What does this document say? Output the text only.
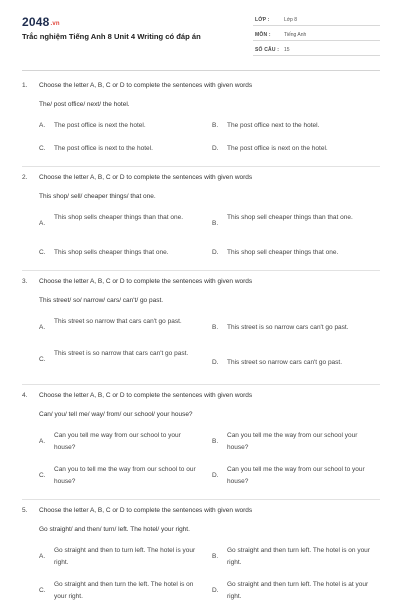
2048.vn
Trắc nghiệm Tiếng Anh 8 Unit 4 Writing có đáp án
LỚP :	Lớp 8
MÔN :	Tiếng Anh
SỐ CÂU : 15
1. Choose the letter A, B, C or D to complete the sentences with given words
The/ post office/ next/ the hotel.
A.	The post office is next the hotel.	B.	The post office next to the hotel.
C.	The post office is next to the hotel.	D.	The post office is next on the hotel.
2. Choose the letter A, B, C or D to complete the sentences with given words
This shop/ sell/ cheaper things/ that one.
A.
This shop sells cheaper things than that one.
B.
This shop sell cheaper things than that one.
C.	This shop sells cheaper things that one.	D.	This shop sell cheaper things that one.
3. Choose the letter A, B, C or D to complete the sentences with given words
This street/ so/ narrow/ cars/ can't/ go past.
A.
This street so narrow that cars can't go past.
B.	This street is so narrow cars can't go past.
C.
This street is so narrow that cars can't go past.
D.	This street so narrow cars can't go past.
4. Choose the letter A, B, C or D to complete the sentences with given words
Can/ you/ tell me/ way/ from/ our school/ your house?
A.
Can you tell me way from our school to your house?
B.
Can you tell me the way from our school your house?
C.
Can you to tell me the way from our school to our house?
D.
Can you tell me the way from our school to your house?
5. Choose the letter A, B, C or D to complete the sentences with given words
Go straight/ and then/ turn/ left. The hotel/ your right.
A.
Go straight and then to turn left. The hotel is your right.
B.
Go straight and then turn left. The hotel is on your right.
C.
Go straight and then turn the left. The hotel is on your right.
D.
Go straight and then turn left. The hotel is at your right.
